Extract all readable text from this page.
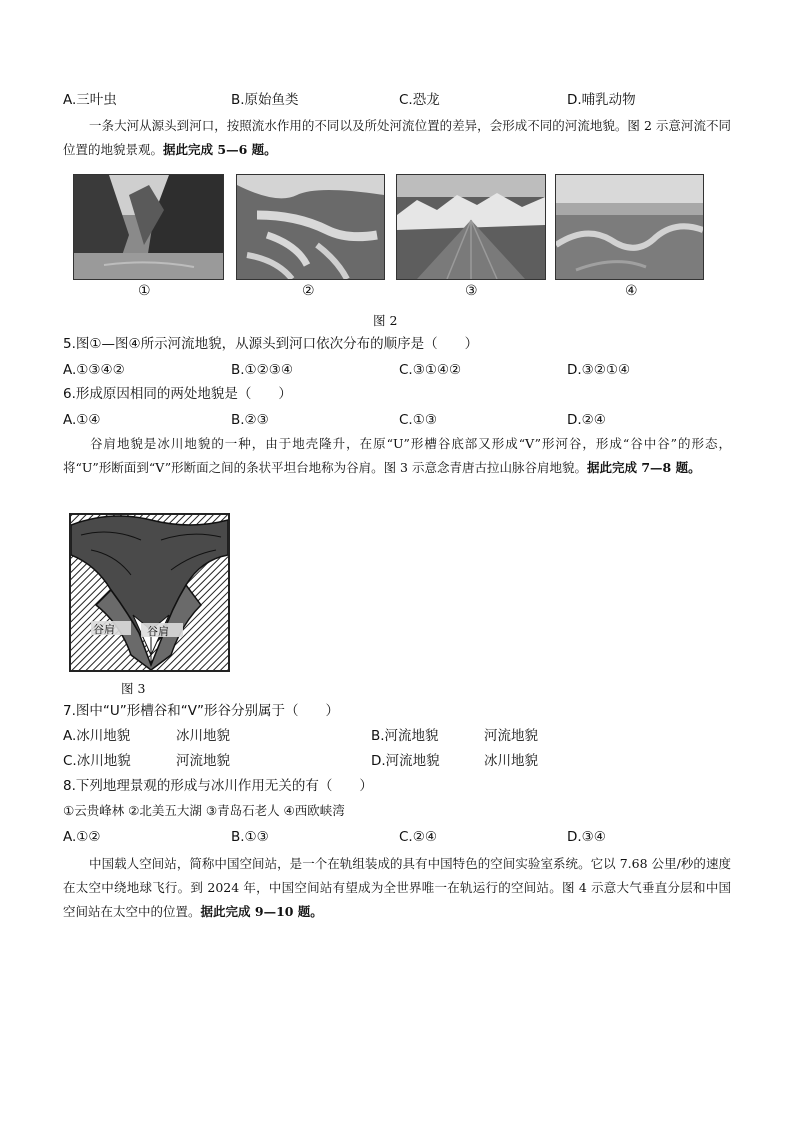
A.三叶虫	B.原始鱼类	C.恐龙	D.哺乳动物
一条大河从源头到河口，按照流水作用的不同以及所处河流位置的差异，会形成不同的河流地貌。图 2 示意河流不同位置的地貌景观。据此完成 5—6 题。
①	②	③	④
图 2
5.图①—图④所示河流地貌，从源头到河口依次分布的顺序是（　　）
A.①③④②	B.①②③④	C.③①④②	D.③②①④
6.形成原因相同的两处地貌是（　　）
A.①④	B.②③	C.①③	D.②④
谷肩地貌是冰川地貌的一种，由于地壳隆升，在原“U”形槽谷底部又形成“V”形河谷，形成“谷中谷”的形态，将“U”形断面到“V”形断面之间的条状平坦台地称为谷肩。图 3 示意念青唐古拉山脉谷肩地貌。据此完成 7—8 题。
谷肩	谷肩
图 3
7.图中“U”形槽谷和“V”形谷分别属于（　　）
A.冰川地貌	冰川地貌	B.河流地貌	河流地貌
C.冰川地貌	河流地貌	D.河流地貌	冰川地貌
8.下列地理景观的形成与冰川作用无关的有（　　）
①云贵峰林 ②北美五大湖 ③青岛石老人 ④西欧峡湾
A.①②	B.①③	C.②④	D.③④
中国载人空间站，简称中国空间站，是一个在轨组装成的具有中国特色的空间实验室系统。它以 7.68 公里/秒的速度在太空中绕地球飞行。到 2024 年，中国空间站有望成为全世界唯一在轨运行的空间站。图 4 示意大气垂直分层和中国空间站在太空中的位置。据此完成 9—10 题。
